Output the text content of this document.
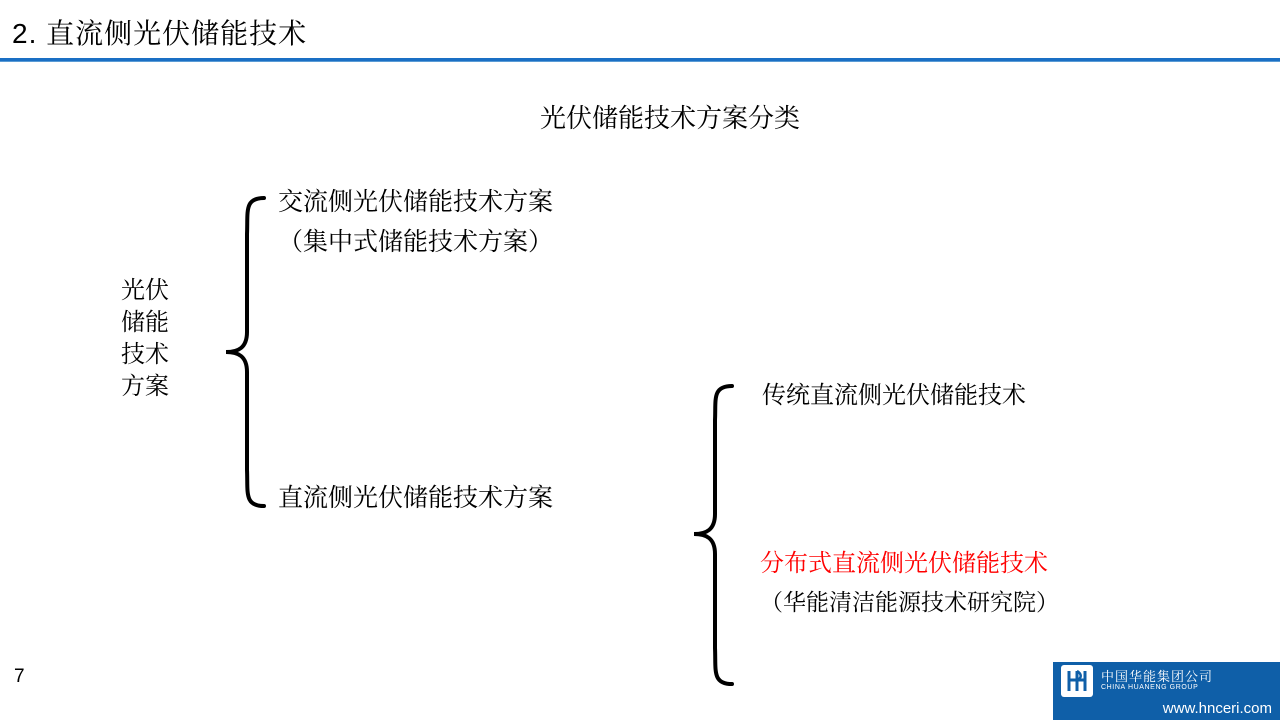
2. 直流侧光伏储能技术
光伏储能技术方案分类
光伏
储能
技术
方案
交流侧光伏储能技术方案
（集中式储能技术方案）
直流侧光伏储能技术方案
传统直流侧光伏储能技术
分布式直流侧光伏储能技术
（华能清洁能源技术研究院）
7	中国华能集团公司
CHINA HUANENG GROUP
www.hnceri.com
